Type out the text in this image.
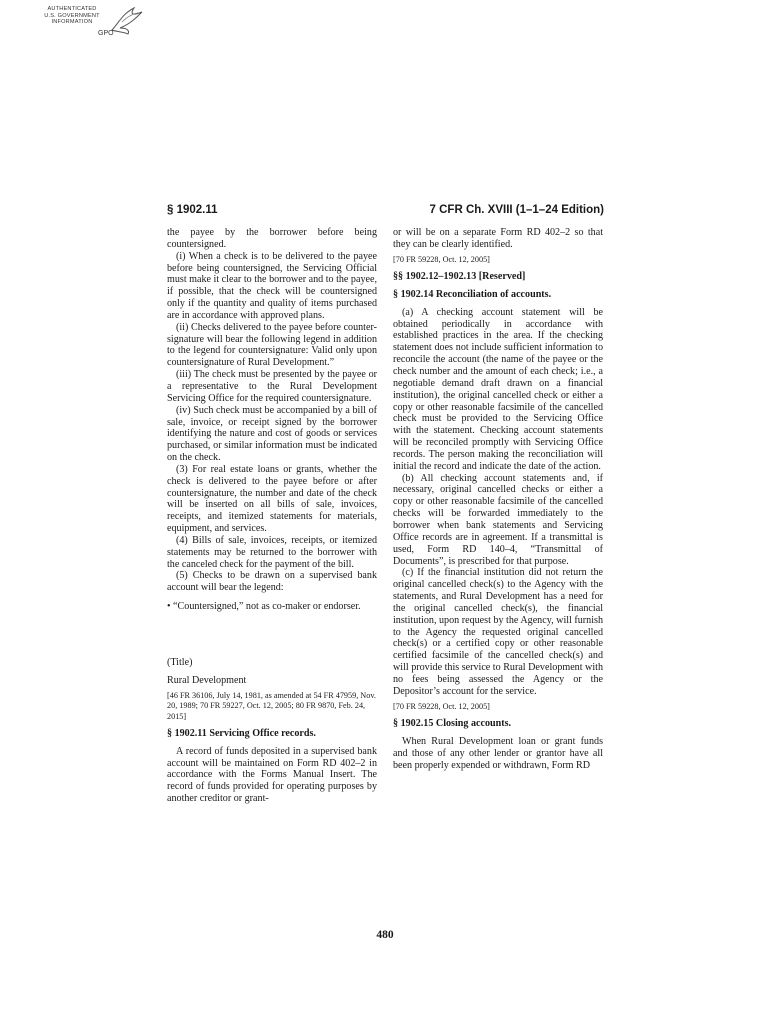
AUTHENTICATED
U.S. GOVERNMENT
INFORMATION
GPO
§ 1902.11	7 CFR Ch. XVIII (1–1–24 Edition)

the payee by the borrower before being countersigned.

(i) When a check is to be delivered to the payee before being countersigned, the Servicing Official must make it clear to the borrower and to the payee, if possible, that the check will be countersigned only if the quantity and quality of items purchased are in accordance with approved plans.

(ii) Checks delivered to the payee before counter-signature will bear the following legend in addition to the legend for countersignature: Valid only upon countersignature of Rural Development.”

(iii) The check must be presented by the payee or a representative to the Rural Development Servicing Office for the required countersignature.

(iv) Such check must be accompanied by a bill of sale, invoice, or receipt signed by the borrower identifying the nature and cost of goods or services purchased, or similar information must be indicated on the check.

(3) For real estate loans or grants, whether the check is delivered to the payee before or after countersignature, the number and date of the check will be inserted on all bills of sale, invoices, receipts, and itemized statements for materials, equipment, and services.

(4) Bills of sale, invoices, receipts, or itemized statements may be returned to the borrower with the canceled check for the payment of the bill.

(5) Checks to be drawn on a supervised bank account will bear the legend:

• “Countersigned,” not as co-maker or endorser.

(Title)

Rural Development

[46 FR 36106, July 14, 1981, as amended at 54 FR 47959, Nov. 20, 1989; 70 FR 59227, Oct. 12, 2005; 80 FR 9870, Feb. 24, 2015]

§ 1902.11 Servicing Office records.

A record of funds deposited in a supervised bank account will be maintained on Form RD 402–2 in accordance with the Forms Manual Insert. The record of funds provided for operating purposes by another creditor or grant-

or will be on a separate Form RD 402–2 so that they can be clearly identified.

[70 FR 59228, Oct. 12, 2005]

§§ 1902.12–1902.13 [Reserved]

§ 1902.14 Reconciliation of accounts.

(a) A checking account statement will be obtained periodically in accordance with established practices in the area. If the checking statement does not include sufficient information to reconcile the account (the name of the payee or the check number and the amount of each check; i.e., a negotiable demand draft drawn on a financial institution), the original cancelled check or either a copy or other reasonable facsimile of the cancelled check must be provided to the Servicing Office with the statement. Checking account statements will be reconciled promptly with Servicing Office records. The person making the reconciliation will initial the record and indicate the date of the action.

(b) All checking account statements and, if necessary, original cancelled checks or either a copy or other reasonable facsimile of the cancelled checks will be forwarded immediately to the borrower when bank statements and Servicing Office records are in agreement. If a transmittal is used, Form RD 140–4, “Transmittal of Documents”, is prescribed for that purpose.

(c) If the financial institution did not return the original cancelled check(s) to the Agency with the statements, and Rural Development has a need for the original cancelled check(s), the financial institution, upon request by the Agency, will furnish to the Agency the requested original cancelled check(s) or a certified copy or other reasonable certified facsimile of the cancelled check(s) and will provide this service to Rural Development with no fees being assessed the Agency or the Depositor’s account for the service.

[70 FR 59228, Oct. 12, 2005]

§ 1902.15 Closing accounts.

When Rural Development loan or grant funds and those of any other lender or grantor have all been properly expended or withdrawn, Form RD

480
